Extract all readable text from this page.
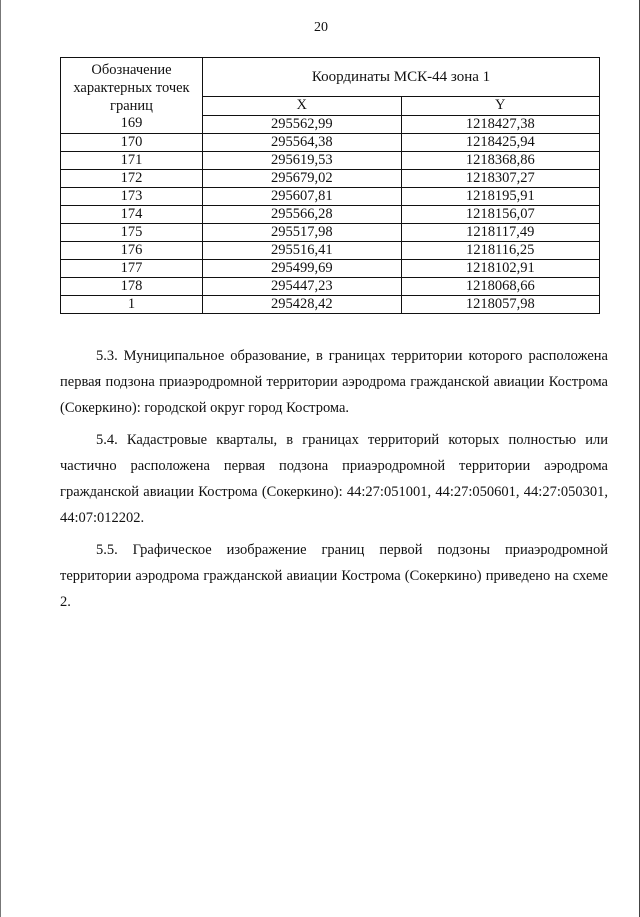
20
Обозначение характерных точек границ	Координаты МСК-44 зона 1	
	X	Y
169	295562,99	1218427,38
170	295564,38	1218425,94
171	295619,53	1218368,86
172	295679,02	1218307,27
173	295607,81	1218195,91
174	295566,28	1218156,07
175	295517,98	1218117,49
176	295516,41	1218116,25
177	295499,69	1218102,91
178	295447,23	1218068,66
1	295428,42	1218057,98

5.3. Муниципальное образование, в границах территории которого расположена первая подзона приаэродромной территории аэродрома гражданской авиации Кострома (Сокеркино): городской округ город Кострома.

5.4. Кадастровые кварталы, в границах территорий которых полностью или частично расположена первая подзона приаэродромной территории аэродрома гражданской авиации Кострома (Сокеркино): 44:27:051001, 44:27:050601, 44:27:050301, 44:07:012202.

5.5. Графическое изображение границ первой подзоны приаэродромной территории аэродрома гражданской авиации Кострома (Сокеркино) приведено на схеме 2.
